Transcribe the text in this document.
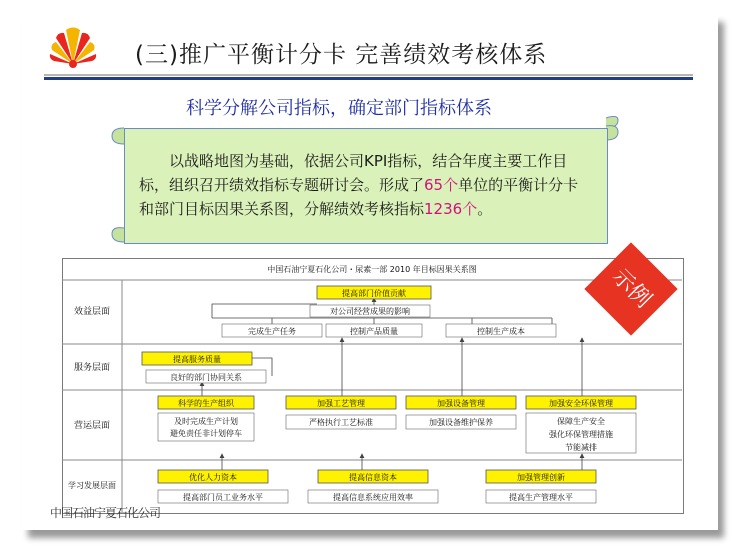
(三)推广平衡计分卡 完善绩效考核体系
科学分解公司指标，确定部门指标体系
以战略地图为基础，依据公司KPI指标，结合年度主要工作目标，组织召开绩效指标专题研讨会。形成了65个单位的平衡计分卡和部门目标因果关系图，分解绩效考核指标1236个。
中国石油宁夏石化公司・尿素一部 2010 年目标因果关系图
效益层面
服务层面
营运层面
学习发展层面
提高部门价值贡献
提高服务质量
科学的生产组织	加强工艺管理	加强设备管理	加强安全环保管理
优化人力资本	提高信息资本	加强管理创新
对公司经营成果的影响
完成生产任务	控制产品质量	控制生产成本
良好的部门协同关系
及时完成生产计划
避免责任非计划停车
严格执行工艺标准	加强设备维护保养	保障生产安全
强化环保管理措施
节能减排
提高部门员工业务水平	提高信息系统应用效率	提高生产管理水平
示例
中国石油宁夏石化公司
